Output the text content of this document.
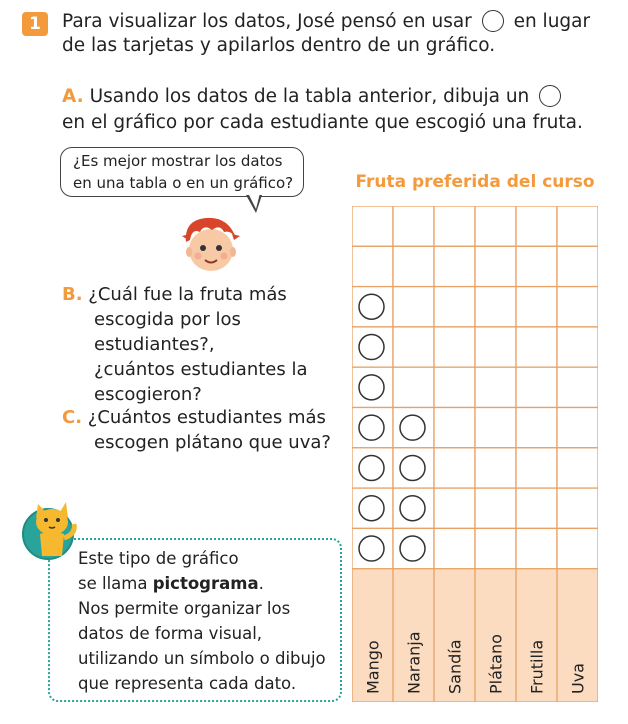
1	Para visualizar los datos, José pensó en usar en lugar de las tarjetas y apilarlos dentro de un gráfico.
A. Usando los datos de la tabla anterior, dibuja un  en el gráfico por cada estudiante que escogió una fruta.
¿Es mejor mostrar los datos
en una tabla o en un gráfico?
B. ¿Cuál fue la fruta más
escogida por los estudiantes?,
¿cuántos estudiantes la
escogieron?
C. ¿Cuántos estudiantes más
escogen plátano que uva?
Este tipo de gráfico
se llama pictograma.
Nos permite organizar los
datos de forma visual,
utilizando un símbolo o dibujo
que representa cada dato.
Fruta preferida del curso
Mango Naranja Sandía Plátano Frutilla Uva
